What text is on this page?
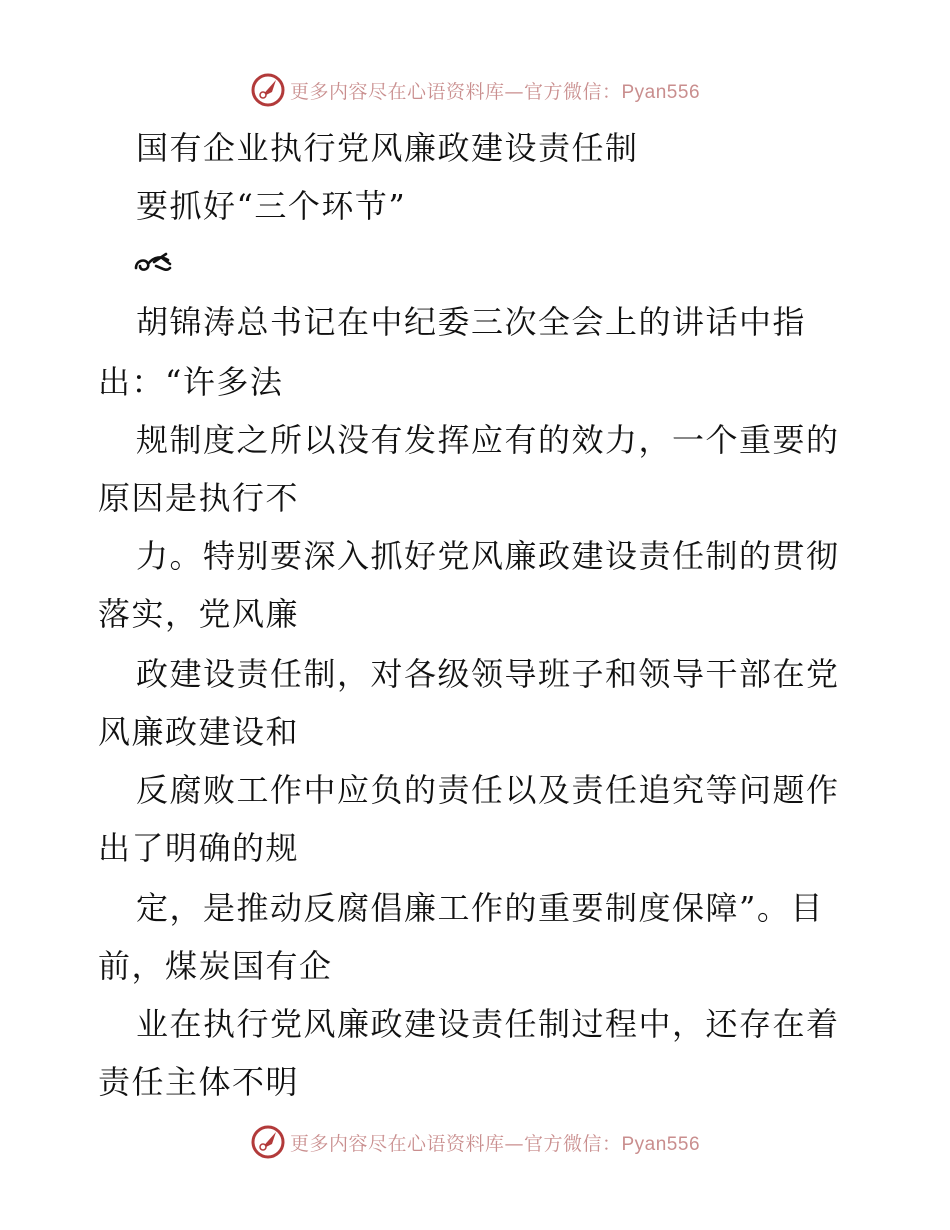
更多内容尽在心语资料库—官方微信：Pyan556
国有企业执行党风廉政建设责任制
要抓好“三个环节”
胡锦涛总书记在中纪委三次全会上的讲话中指
出：“许多法
规制度之所以没有发挥应有的效力，一个重要的
原因是执行不
力。特别要深入抓好党风廉政建设责任制的贯彻
落实，党风廉
政建设责任制，对各级领导班子和领导干部在党
风廉政建设和
反腐败工作中应负的责任以及责任追究等问题作
出了明确的规
定，是推动反腐倡廉工作的重要制度保障”。目
前，煤炭国有企
业在执行党风廉政建设责任制过程中，还存在着
责任主体不明
更多内容尽在心语资料库—官方微信：Pyan556
